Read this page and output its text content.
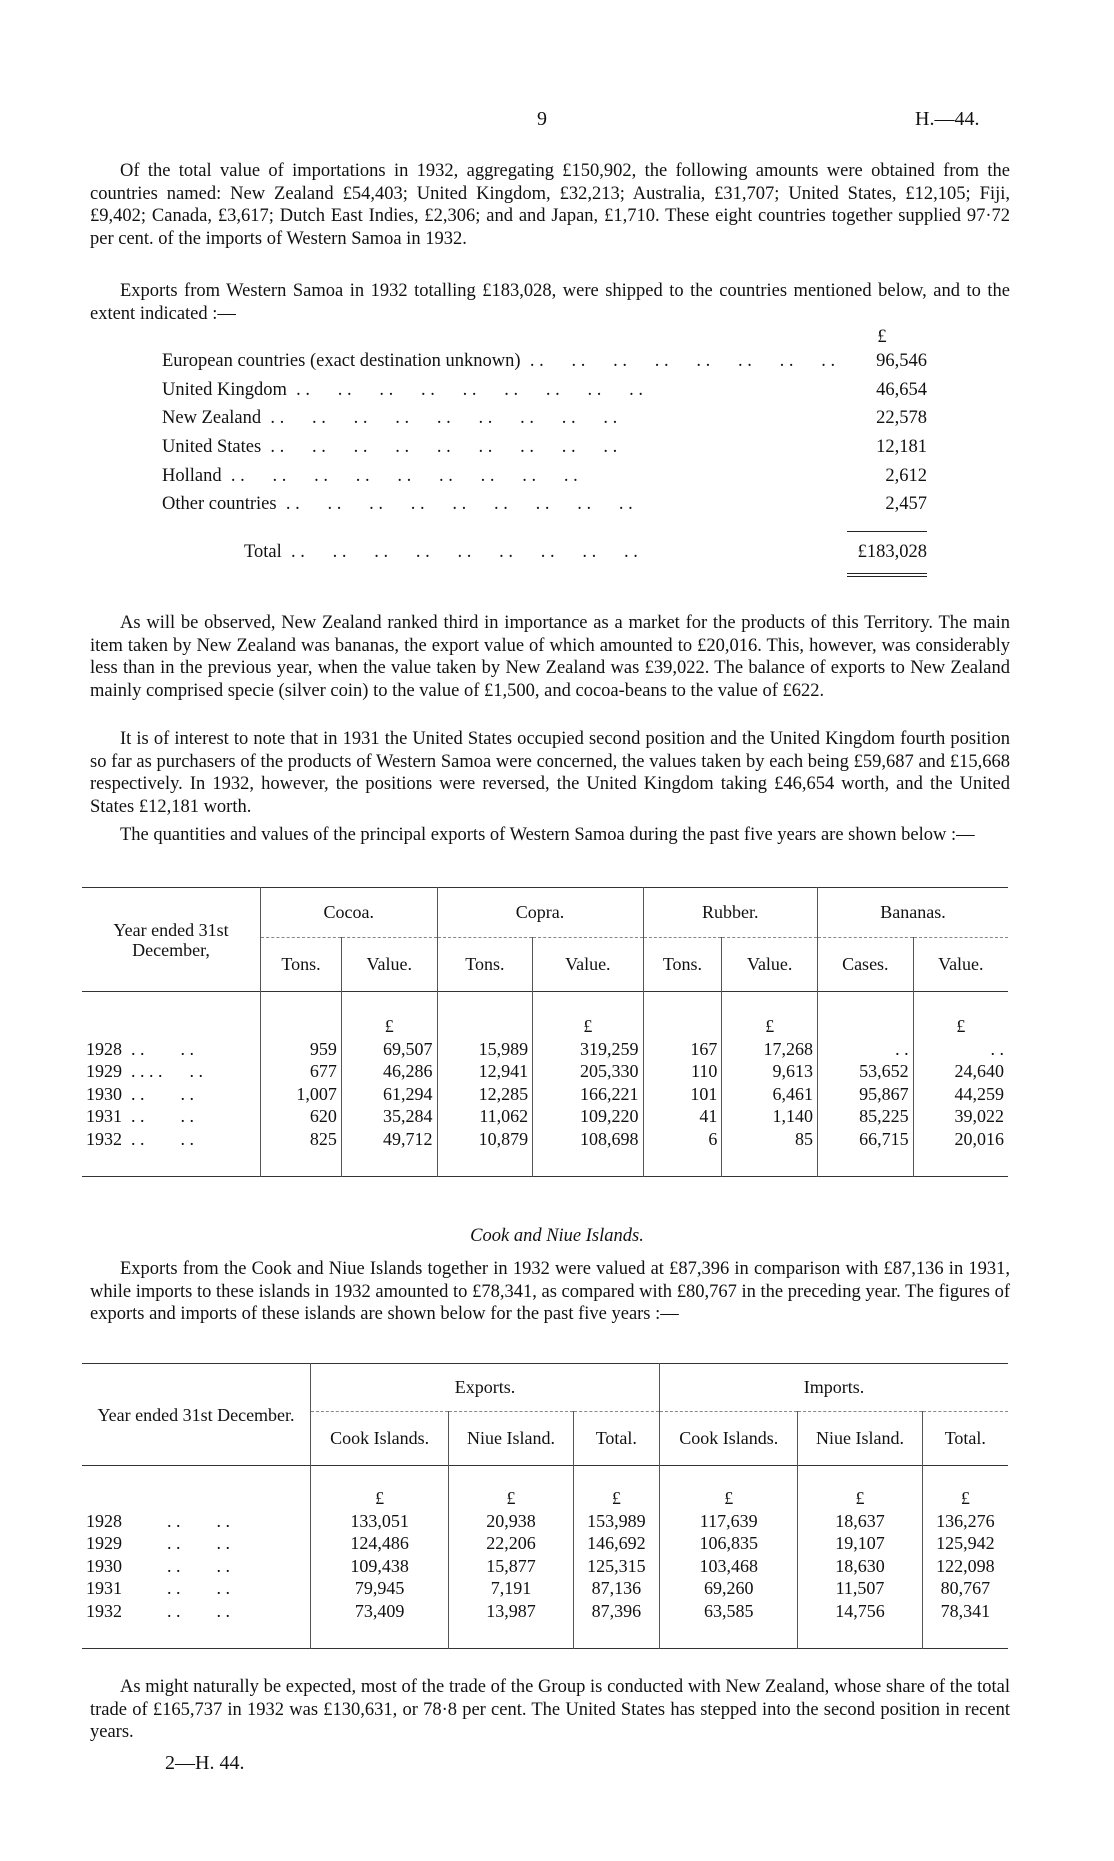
9	H.—44.

Of the total value of importations in 1932, aggregating £150,902, the following amounts were obtained from the countries named: New Zealand £54,403; United Kingdom, £32,213; Australia, £31,707; United States, £12,105; Fiji, £9,402; Canada, £3,617; Dutch East Indies, £2,306; and and Japan, £1,710. These eight countries together supplied 97·72 per cent. of the imports of Western Samoa in 1932.

Exports from Western Samoa in 1932 totalling £183,028, were shipped to the countries mentioned below, and to the extent indicated :—

£
European countries (exact destination unknown) . .	96,546
United Kingdom . .	46,654
New Zealand . .	22,578
United States . .	12,181
Holland . .	2,612
Other countries . .	2,457
Total . .	£183,028

As will be observed, New Zealand ranked third in importance as a market for the products of this Territory. The main item taken by New Zealand was bananas, the export value of which amounted to £20,016. This, however, was considerably less than in the previous year, when the value taken by New Zealand was £39,022. The balance of exports to New Zealand mainly comprised specie (silver coin) to the value of £1,500, and cocoa-beans to the value of £622.

It is of interest to note that in 1931 the United States occupied second position and the United Kingdom fourth position so far as purchasers of the products of Western Samoa were concerned, the values taken by each being £59,687 and £15,668 respectively. In 1932, however, the positions were reversed, the United Kingdom taking £46,654 worth, and the United States £12,181 worth.

The quantities and values of the principal exports of Western Samoa during the past five years are shown below :—

Year ended 31st December,	Cocoa.		Copra.		Rubber.		Bananas.	
	Tons.	Value.	Tons.	Value.	Tons.	Value.	Cases.	Value.
		£		£		£		£
1928  . .        . .	959	69,507	15,989	319,259	167	17,268	. .	. .
1929  . . . .      . .	677	46,286	12,941	205,330	110	9,613	53,652	24,640
1930  . .        . .	1,007	61,294	12,285	166,221	101	6,461	95,867	44,259
1931  . .        . .	620	35,284	11,062	109,220	41	1,140	85,225	39,022
1932  . .        . .	825	49,712	10,879	108,698	6	85	66,715	20,016

Cook and Niue Islands.

Exports from the Cook and Niue Islands together in 1932 were valued at £87,396 in comparison with £87,136 in 1931, while imports to these islands in 1932 amounted to £78,341, as compared with £80,767 in the preceding year. The figures of exports and imports of these islands are shown below for the past five years :—

Year ended 31st December.	Exports.			Imports.		
	Cook Islands.	Niue Island.	Total.	Cook Islands.	Niue Island.	Total.
	£	£	£	£	£	£
1928          . .        . .	133,051	20,938	153,989	117,639	18,637	136,276
1929          . .        . .	124,486	22,206	146,692	106,835	19,107	125,942
1930          . .        . .	109,438	15,877	125,315	103,468	18,630	122,098
1931          . .        . .	79,945	7,191	87,136	69,260	11,507	80,767
1932          . .        . .	73,409	13,987	87,396	63,585	14,756	78,341

As might naturally be expected, most of the trade of the Group is conducted with New Zealand, whose share of the total trade of £165,737 in 1932 was £130,631, or 78·8 per cent. The United States has stepped into the second position in recent years.

2—H. 44.
